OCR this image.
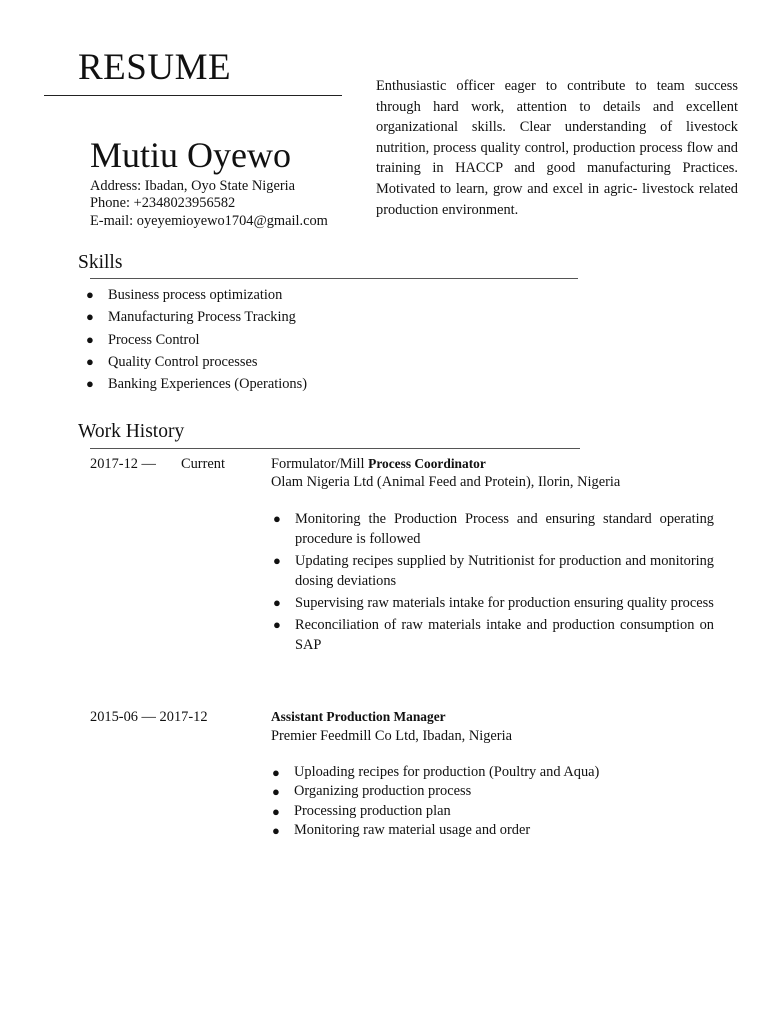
RESUME	Enthusiastic officer eager to contribute to team success through hard work, attention to details and excellent organizational skills. Clear understanding of livestock nutrition, process quality control, production process flow and training in HACCP and good manufacturing Practices. Motivated to learn, grow and excel in agric- livestock related production environment.
Mutiu Oyewo
Address: Ibadan, Oyo State Nigeria
Phone: +2348023956582
E-mail: oyeyemioyewo1704@gmail.com
Skills
● Business process optimization
● Manufacturing Process Tracking
● Process Control
● Quality Control processes
● Banking Experiences (Operations)
Work History
2017-12 — Current	Formulator/Mill Process Coordinator
Olam Nigeria Ltd (Animal Feed and Protein), Ilorin, Nigeria
● Monitoring the Production Process and ensuring standard operating procedure is followed
● Updating recipes supplied by Nutritionist for production and monitoring dosing deviations
● Supervising raw materials intake for production ensuring quality process
● Reconciliation of raw materials intake and production consumption on SAP
2015-06 — 2017-12	Assistant Production Manager
Premier Feedmill Co Ltd, Ibadan, Nigeria
● Uploading recipes for production (Poultry and Aqua)
● Organizing production process
● Processing production plan
● Monitoring raw material usage and order
